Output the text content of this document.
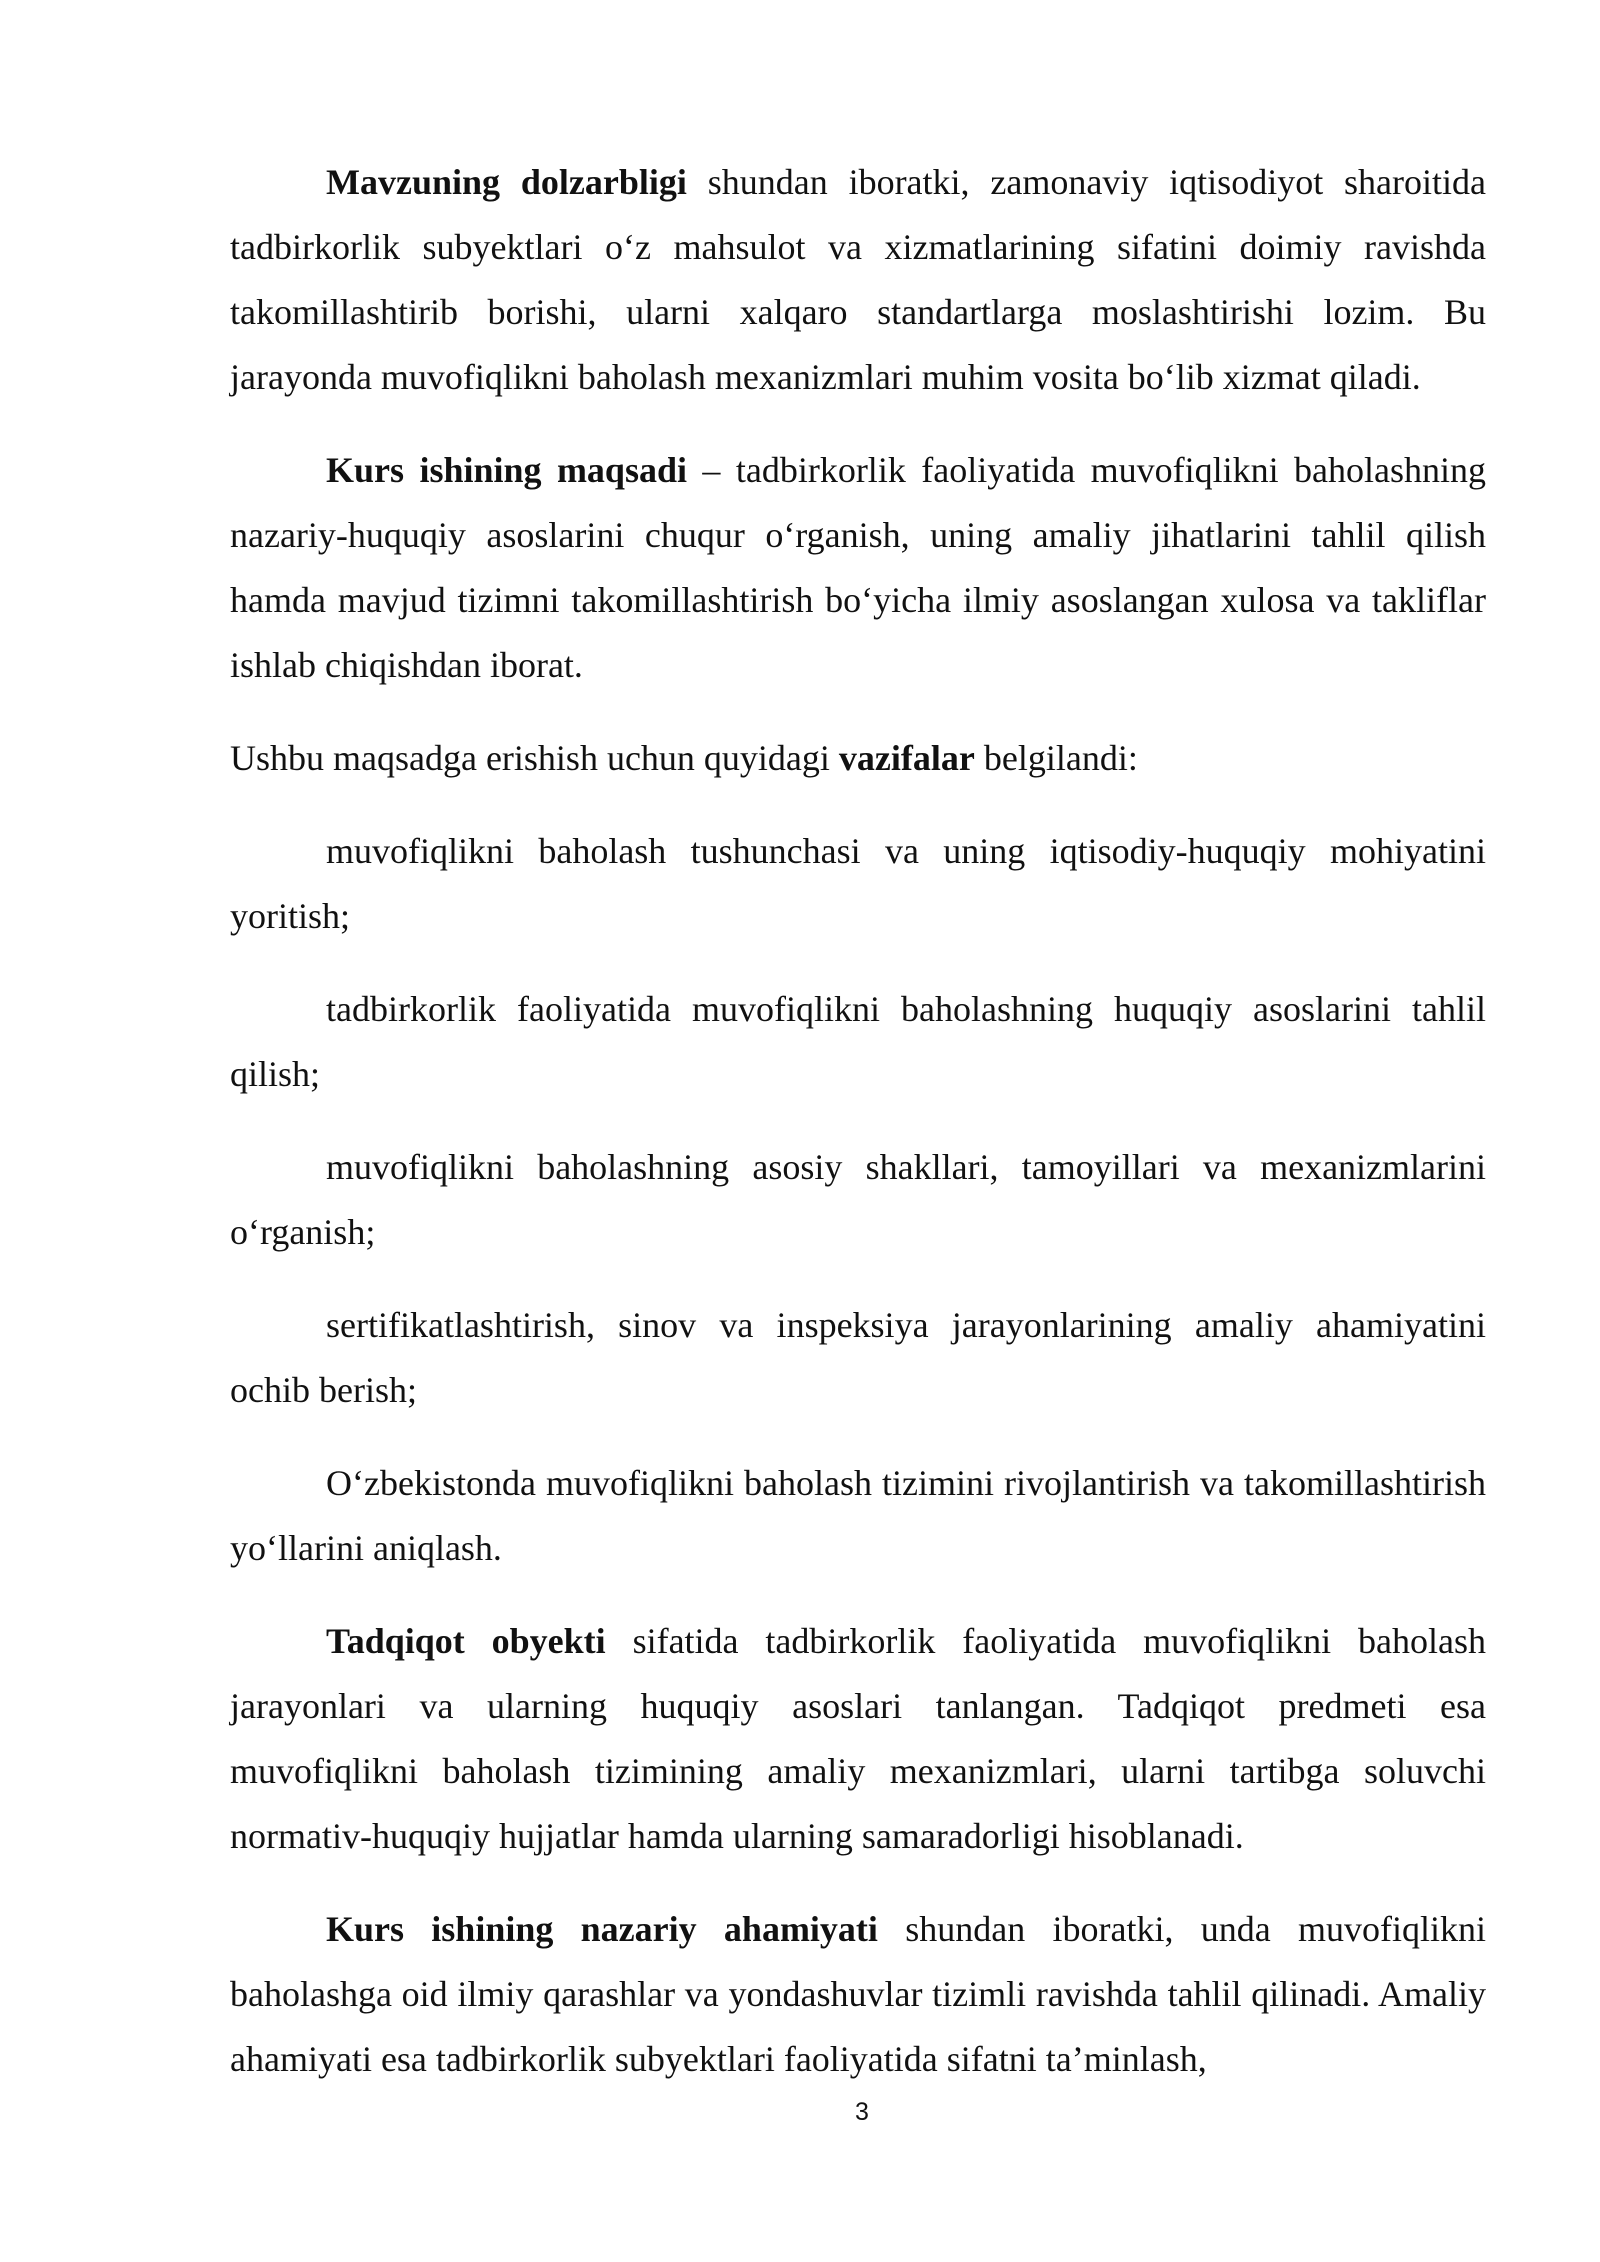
Mavzuning dolzarbligi shundan iboratki, zamonaviy iqtisodiyot sharoitida tadbirkorlik subyektlari o‘z mahsulot va xizmatlarining sifatini doimiy ravishda takomillashtirib borishi, ularni xalqaro standartlarga moslashtirishi lozim. Bu jarayonda muvofiqlikni baholash mexanizmlari muhim vosita bo‘lib xizmat qiladi.

Kurs ishining maqsadi – tadbirkorlik faoliyatida muvofiqlikni baholashning nazariy-huquqiy asoslarini chuqur o‘rganish, uning amaliy jihatlarini tahlil qilish hamda mavjud tizimni takomillashtirish bo‘yicha ilmiy asoslangan xulosa va takliflar ishlab chiqishdan iborat.

Ushbu maqsadga erishish uchun quyidagi vazifalar belgilandi:

muvofiqlikni baholash tushunchasi va uning iqtisodiy-huquqiy mohiyatini yoritish;

tadbirkorlik faoliyatida muvofiqlikni baholashning huquqiy asoslarini tahlil qilish;

muvofiqlikni baholashning asosiy shakllari, tamoyillari va mexanizmlarini o‘rganish;

sertifikatlashtirish, sinov va inspeksiya jarayonlarining amaliy ahamiyatini ochib berish;

O‘zbekistonda muvofiqlikni baholash tizimini rivojlantirish va takomillashtirish yo‘llarini aniqlash.

Tadqiqot obyekti sifatida tadbirkorlik faoliyatida muvofiqlikni baholash jarayonlari va ularning huquqiy asoslari tanlangan. Tadqiqot predmeti esa muvofiqlikni baholash tizimining amaliy mexanizmlari, ularni tartibga soluvchi normativ-huquqiy hujjatlar hamda ularning samaradorligi hisoblanadi.

Kurs ishining nazariy ahamiyati shundan iboratki, unda muvofiqlikni baholashga oid ilmiy qarashlar va yondashuvlar tizimli ravishda tahlil qilinadi. Amaliy ahamiyati esa tadbirkorlik subyektlari faoliyatida sifatni ta’minlash,

3
